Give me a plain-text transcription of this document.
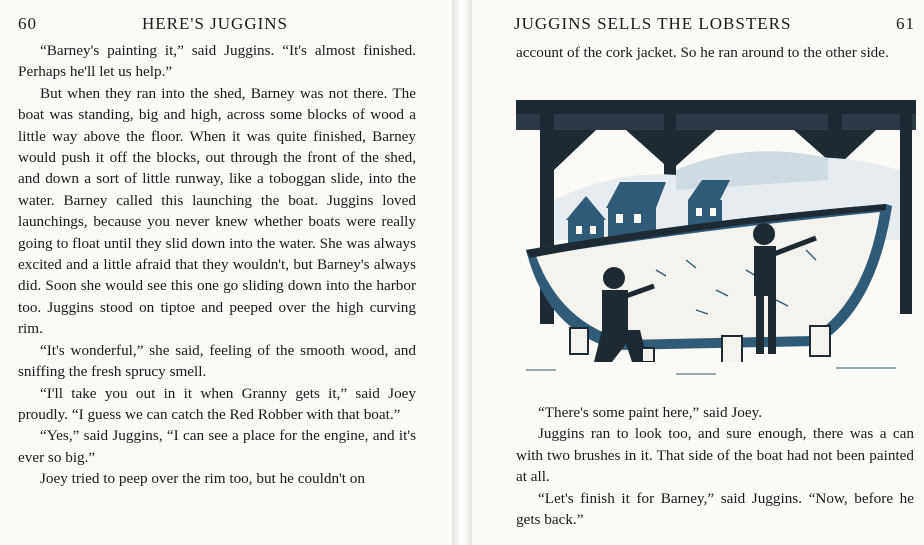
60	HERE'S JUGGINS

“Barney's painting it,” said Juggins. “It's almost finished. Perhaps he'll let us help.”

But when they ran into the shed, Barney was not there. The boat was standing, big and high, across some blocks of wood a little way above the floor. When it was quite finished, Barney would push it off the blocks, out through the front of the shed, and down a sort of little runway, like a toboggan slide, into the water. Barney called this launching the boat. Juggins loved launchings, because you never knew whether boats were really going to float until they slid down into the water. She was always excited and a little afraid that they wouldn't, but Barney's always did. Soon she would see this one go sliding down into the harbor too. Juggins stood on tiptoe and peeped over the high curving rim.

“It's wonderful,” she said, feeling of the smooth wood, and sniffing the fresh sprucy smell.

“I'll take you out in it when Granny gets it,” said Joey proudly. “I guess we can catch the Red Robber with that boat.”

“Yes,” said Juggins, “I can see a place for the engine, and it's ever so big.”

Joey tried to peep over the rim too, but he couldn't on

JUGGINS SELLS THE LOBSTERS	61

account of the cork jacket. So he ran around to the other side.

“There's some paint here,” said Joey.

Juggins ran to look too, and sure enough, there was a can with two brushes in it. That side of the boat had not been painted at all.

“Let's finish it for Barney,” said Juggins. “Now, before he gets back.”
